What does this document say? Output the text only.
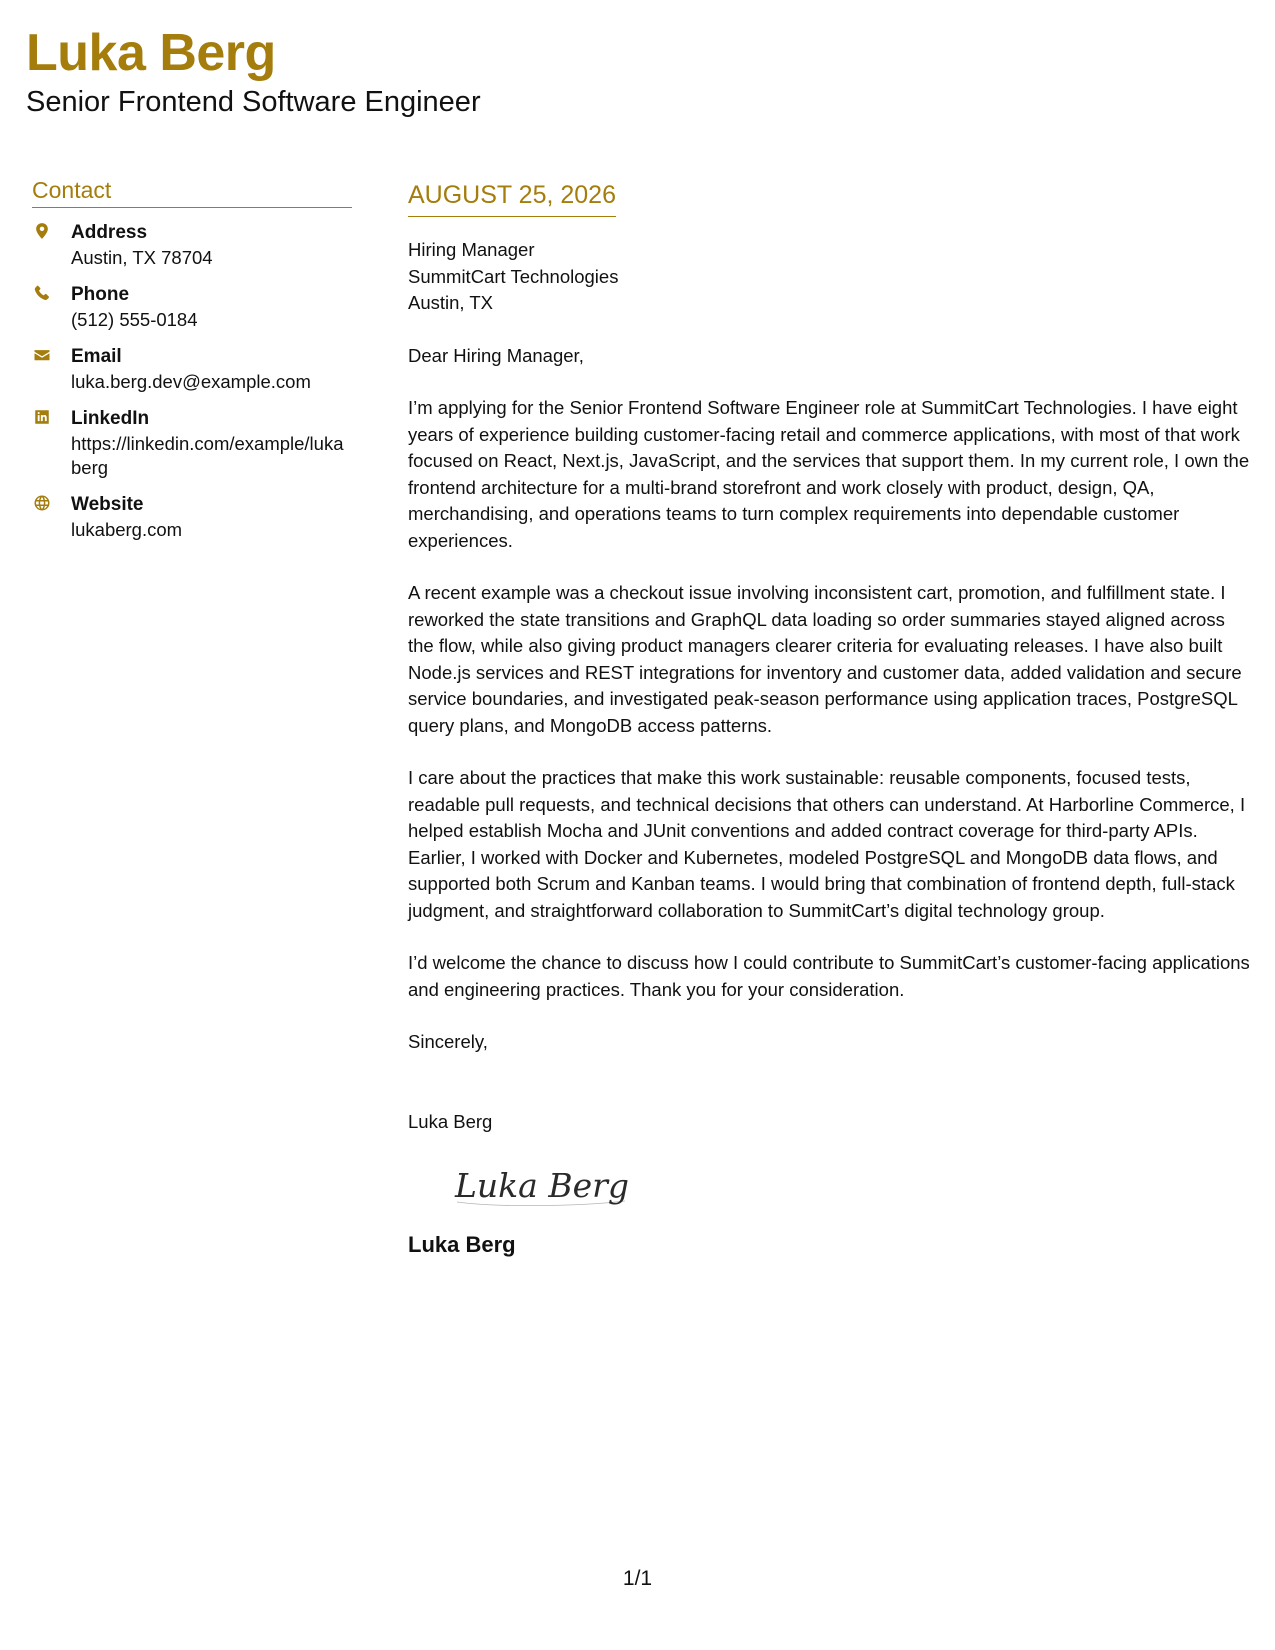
Luka Berg
Senior Frontend Software Engineer
Contact
Address
Austin, TX 78704
Phone
(512) 555-0184
Email
luka.berg.dev@example.com
LinkedIn
https://linkedin.com/example/lukaberg
Website
lukaberg.com
AUGUST 25, 2026
Hiring Manager
SummitCart Technologies
Austin, TX
Dear Hiring Manager,
I’m applying for the Senior Frontend Software Engineer role at SummitCart Technologies. I have eight years of experience building customer-facing retail and commerce applications, with most of that work focused on React, Next.js, JavaScript, and the services that support them. In my current role, I own the frontend architecture for a multi-brand storefront and work closely with product, design, QA, merchandising, and operations teams to turn complex requirements into dependable customer experiences.
A recent example was a checkout issue involving inconsistent cart, promotion, and fulfillment state. I reworked the state transitions and GraphQL data loading so order summaries stayed aligned across the flow, while also giving product managers clearer criteria for evaluating releases. I have also built Node.js services and REST integrations for inventory and customer data, added validation and secure service boundaries, and investigated peak-season performance using application traces, PostgreSQL query plans, and MongoDB access patterns.
I care about the practices that make this work sustainable: reusable components, focused tests, readable pull requests, and technical decisions that others can understand. At Harborline Commerce, I helped establish Mocha and JUnit conventions and added contract coverage for third-party APIs. Earlier, I worked with Docker and Kubernetes, modeled PostgreSQL and MongoDB data flows, and supported both Scrum and Kanban teams. I would bring that combination of frontend depth, full-stack judgment, and straightforward collaboration to SummitCart’s digital technology group.
I’d welcome the chance to discuss how I could contribute to SummitCart’s customer-facing applications and engineering practices. Thank you for your consideration.
Sincerely,
Luka Berg
Luka Berg
Luka Berg
1/1
